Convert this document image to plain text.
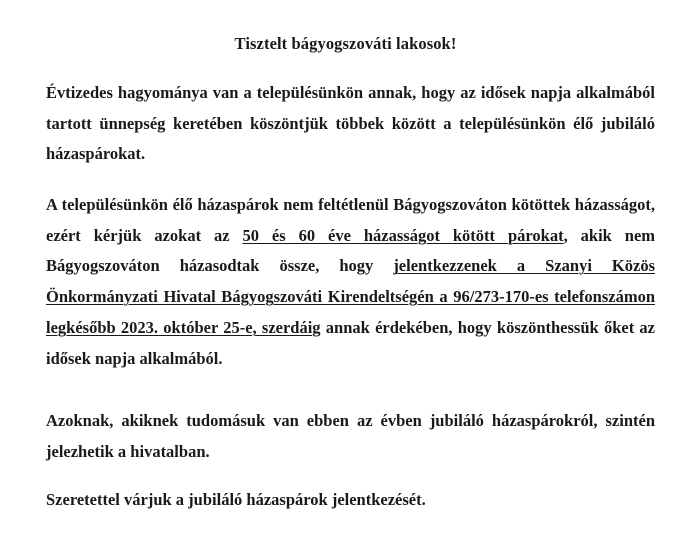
Tisztelt bágyogszováti lakosok!

Évtizedes hagyománya van a településünkön annak, hogy az idősek napja alkalmából tartott ünnepség keretében köszöntjük többek között a településünkön élő jubiláló házaspárokat.

A településünkön élő házaspárok nem feltétlenül Bágyogszováton kötöttek házasságot, ezért kérjük azokat az 50 és 60 éve házasságot kötött párokat, akik nem Bágyogszováton házasodtak össze, hogy jelentkezzenek a Szanyi Közös Önkormányzati Hivatal Bágyogszováti Kirendeltségén a 96/273-170-es telefonszámon legkésőbb 2023. október 25-e, szerdáig annak érdekében, hogy köszönthessük őket az idősek napja alkalmából.

Azoknak, akiknek tudomásuk van ebben az évben jubiláló házaspárokról, szintén jelezhetik a hivatalban.

Szeretettel várjuk a jubiláló házaspárok jelentkezését.
